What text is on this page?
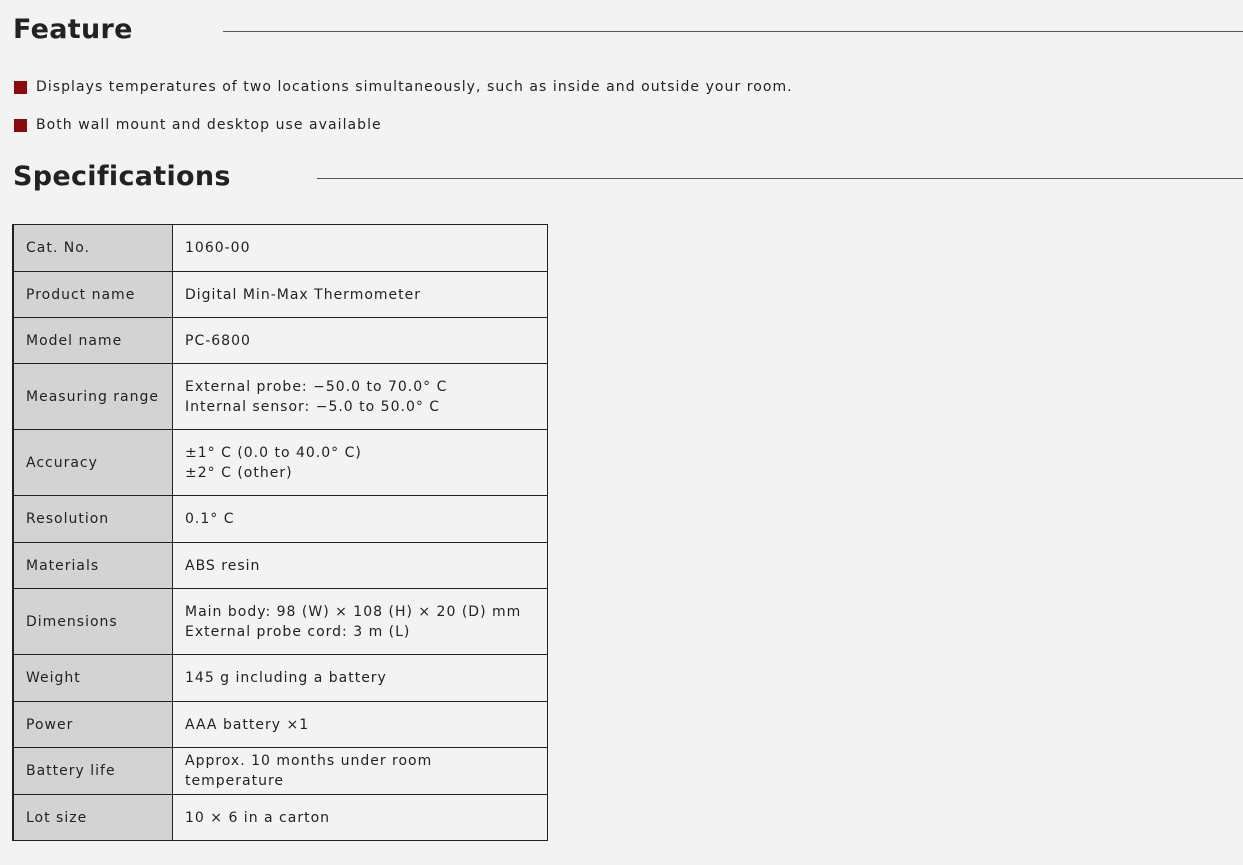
Feature
Displays temperatures of two locations simultaneously, such as inside and outside your room.
Both wall mount and desktop use available
Specifications
Cat. No.	1060-00

Product name	Digital Min-Max Thermometer

Model name	PC-6800

Measuring range	External probe: −50.0 to 70.0° C
Internal sensor: −5.0 to 50.0° C

Accuracy	±1° C (0.0 to 40.0° C)
±2° C (other)

Resolution	0.1° C

Materials	ABS resin

Dimensions	Main body: 98 (W) × 108 (H) × 20 (D) mm
External probe cord: 3 m (L)

Weight	145 g including a battery

Power	AAA battery ×1

Battery life	Approx. 10 months under room temperature

Lot size	10 × 6 in a carton
